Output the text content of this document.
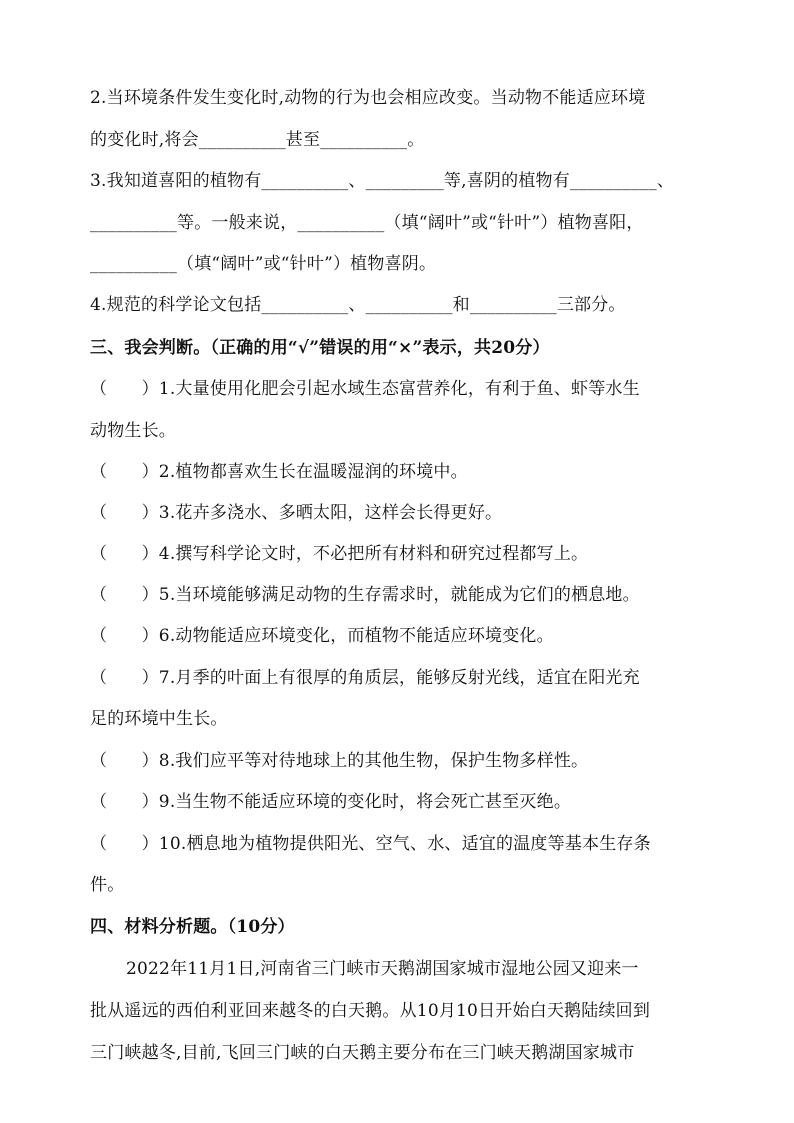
2.当环境条件发生变化时,动物的行为也会相应改变。当动物不能适应环境
的变化时,将会__________甚至__________。
3.我知道喜阳的植物有__________、_________等,喜阴的植物有__________、
__________等。一般来说，__________（填“阔叶”或“针叶”）植物喜阳，
__________（填“阔叶”或“针叶”）植物喜阴。
4.规范的科学论文包括__________、__________和__________三部分。
三、我会判断。（正确的用“√”错误的用“×”表示，共20分）
（　　）1.大量使用化肥会引起水域生态富营养化，有利于鱼、虾等水生
动物生长。
（　　）2.植物都喜欢生长在温暖湿润的环境中。
（　　）3.花卉多浇水、多晒太阳，这样会长得更好。
（　　）4.撰写科学论文时，不必把所有材料和研究过程都写上。
（　　）5.当环境能够满足动物的生存需求时，就能成为它们的栖息地。
（　　）6.动物能适应环境变化，而植物不能适应环境变化。
（　　）7.月季的叶面上有很厚的角质层，能够反射光线，适宜在阳光充
足的环境中生长。
（　　）8.我们应平等对待地球上的其他生物，保护生物多样性。
（　　）9.当生物不能适应环境的变化时，将会死亡甚至灭绝。
（　　）10.栖息地为植物提供阳光、空气、水、适宜的温度等基本生存条
件。
四、材料分析题。（10分）
2022年11月1日,河南省三门峡市天鹅湖国家城市湿地公园又迎来一
批从遥远的西伯利亚回来越冬的白天鹅。从10月10日开始白天鹅陆续回到
三门峡越冬,目前,飞回三门峡的白天鹅主要分布在三门峡天鹅湖国家城市
